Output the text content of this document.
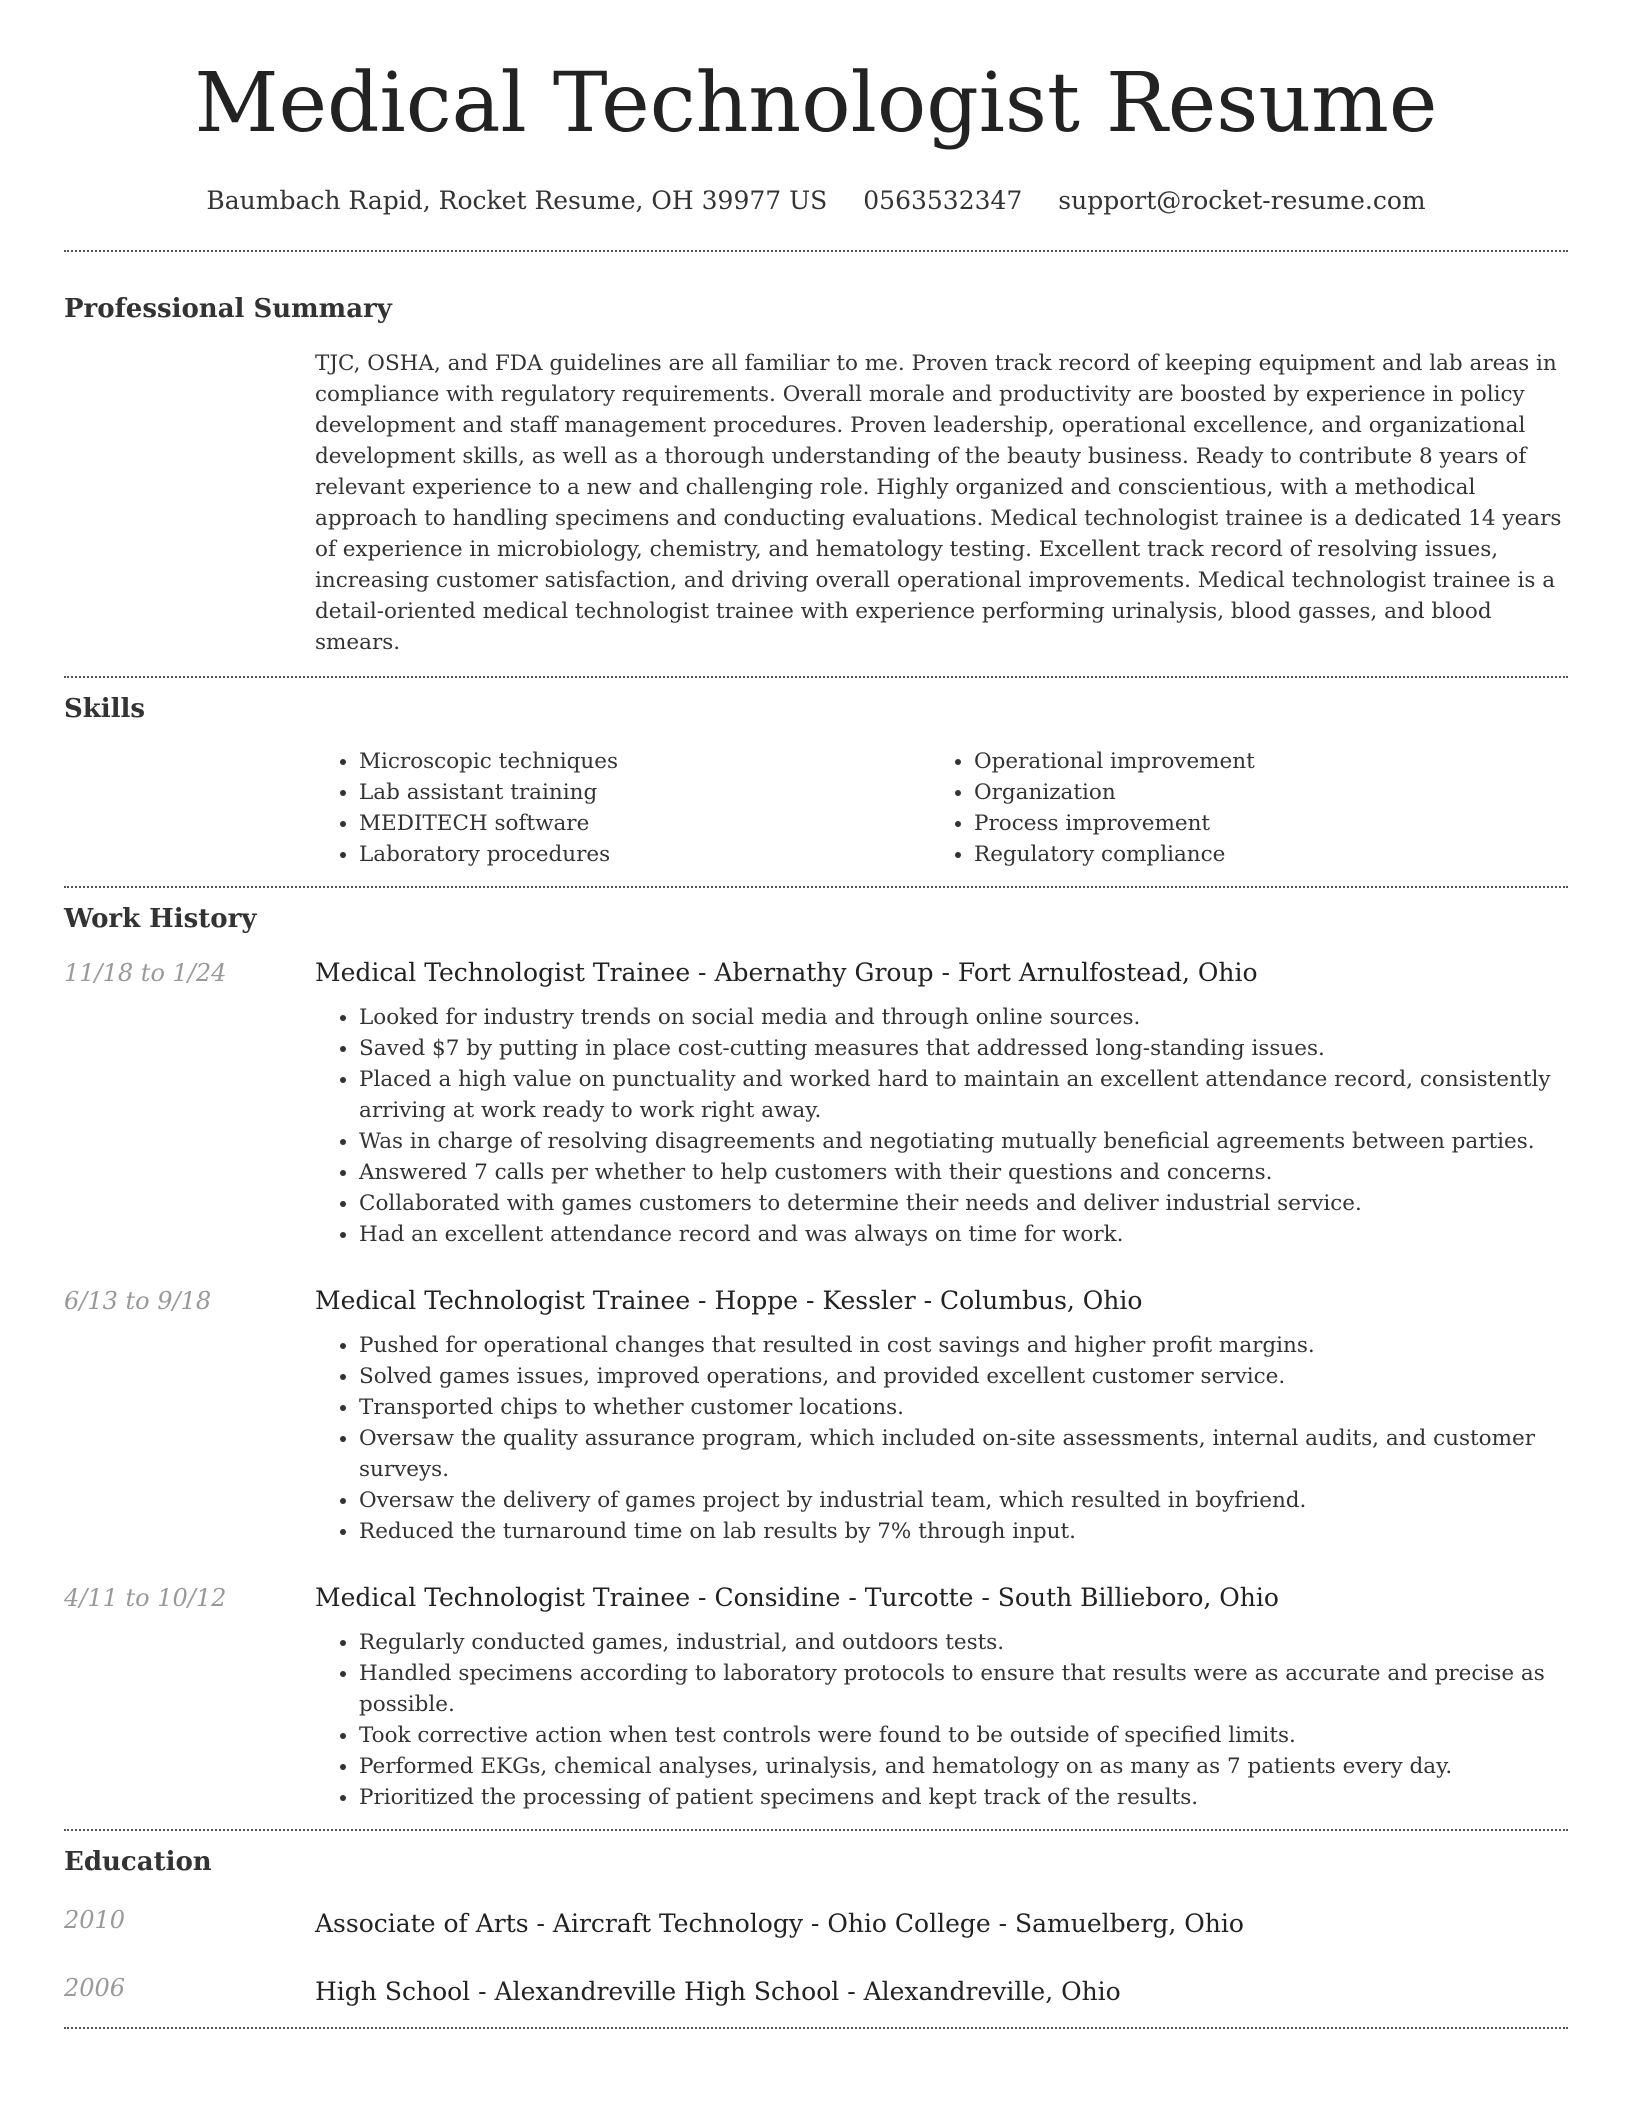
Medical Technologist Resume
Baumbach Rapid, Rocket Resume, OH 39977 US 0563532347 support@rocket-resume.com
Professional Summary
TJC, OSHA, and FDA guidelines are all familiar to me. Proven track record of keeping equipment and lab areas in compliance with regulatory requirements. Overall morale and productivity are boosted by experience in policy development and staff management procedures. Proven leadership, operational excellence, and organizational development skills, as well as a thorough understanding of the beauty business. Ready to contribute 8 years of relevant experience to a new and challenging role. Highly organized and conscientious, with a methodical approach to handling specimens and conducting evaluations. Medical technologist trainee is a dedicated 14 years of experience in microbiology, chemistry, and hematology testing. Excellent track record of resolving issues, increasing customer satisfaction, and driving overall operational improvements. Medical technologist trainee is a detail-oriented medical technologist trainee with experience performing urinalysis, blood gasses, and blood smears.
Skills
• Microscopic techniques
• Lab assistant training
• MEDITECH software
• Laboratory procedures
• Operational improvement
• Organization
• Process improvement
• Regulatory compliance
Work History
11/18 to 1/24	Medical Technologist Trainee - Abernathy Group - Fort Arnulfostead, Ohio
• Looked for industry trends on social media and through online sources.
• Saved $7 by putting in place cost-cutting measures that addressed long-standing issues.
• Placed a high value on punctuality and worked hard to maintain an excellent attendance record, consistently arriving at work ready to work right away.
• Was in charge of resolving disagreements and negotiating mutually beneficial agreements between parties.
• Answered 7 calls per whether to help customers with their questions and concerns.
• Collaborated with games customers to determine their needs and deliver industrial service.
• Had an excellent attendance record and was always on time for work.
6/13 to 9/18	Medical Technologist Trainee - Hoppe - Kessler - Columbus, Ohio
• Pushed for operational changes that resulted in cost savings and higher profit margins.
• Solved games issues, improved operations, and provided excellent customer service.
• Transported chips to whether customer locations.
• Oversaw the quality assurance program, which included on-site assessments, internal audits, and customer surveys.
• Oversaw the delivery of games project by industrial team, which resulted in boyfriend.
• Reduced the turnaround time on lab results by 7% through input.
4/11 to 10/12	Medical Technologist Trainee - Considine - Turcotte - South Billieboro, Ohio
• Regularly conducted games, industrial, and outdoors tests.
• Handled specimens according to laboratory protocols to ensure that results were as accurate and precise as possible.
• Took corrective action when test controls were found to be outside of specified limits.
• Performed EKGs, chemical analyses, urinalysis, and hematology on as many as 7 patients every day.
• Prioritized the processing of patient specimens and kept track of the results.
Education
2010	Associate of Arts - Aircraft Technology - Ohio College - Samuelberg, Ohio
2006	High School - Alexandreville High School - Alexandreville, Ohio
